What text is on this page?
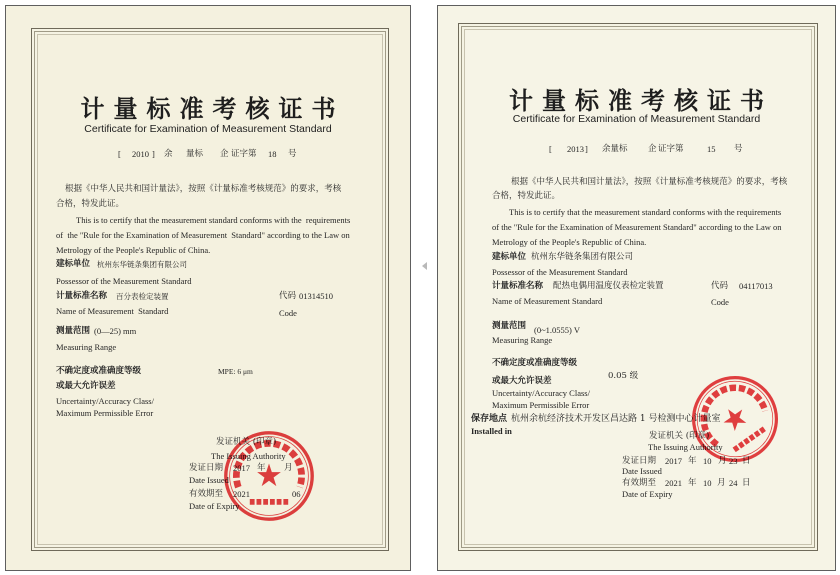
计量标准考核证书
Certificate for Examination of Measurement Standard
[ 2010 ] 余 量标 企 证字第 18 号
根据《中华人民共和国计量法》，按照《计量标准考核规范》的要求，考核
合格，特发此证。
This is to certify that the measurement standard conforms with the  requirements
of  the "Rule for the Examination of Measurement  Standard" according to the Law on
Metrology of the People's Republic of China.
建标单位 杭州东华链条集团有限公司
Possessor of the Measurement Standard
计量标准名称 百分表检定装置	代码 01314510
Name of Measurement  Standard	Code
测量范围 (0—25) mm
Measuring Range
不确定度或准确度等级	MPE: 6 μm
或最大允许误差
Uncertainty/Accuracy Class/
Maximum Permissible Error
发证机关 (印章)
The Issuing Authority
发证日期 2017 年 月
Date Issued
有效期至 2021	06
Date of Expiry
计量标准考核证书
Certificate for Examination of Measurement Standard
[ 2013 ] 余量标 企 证字第	15 号
根据《中华人民共和国计量法》，按照《计量标准考核规范》的要求，考核
合格，特发此证。
This is to certify that the measurement standard conforms with the requirements
of the "Rule for the Examination of Measurement Standard" according to the Law on
Metrology of the People's Republic of China.
建标单位 杭州东华链条集团有限公司
Possessor of the Measurement Standard
计量标准名称 配热电偶用温度仪表检定装置	代码 04117013
Name of Measurement Standard	Code
测量范围 (0~1.0555) V
Measuring Range
不确定度或准确度等级
0.05 级
或最大允许误差
Uncertainty/Accuracy Class/
Maximum Permissible Error
保存地点 杭州余杭经济技术开发区昌达路 1 号检测中心计量室
Installed in	发证机关 (印章)
The Issuing Authority
发证日期 2017 年 10 月 23 日
Date Issued
有效期至 2021 年 10 月 24 日
Date of Expiry
